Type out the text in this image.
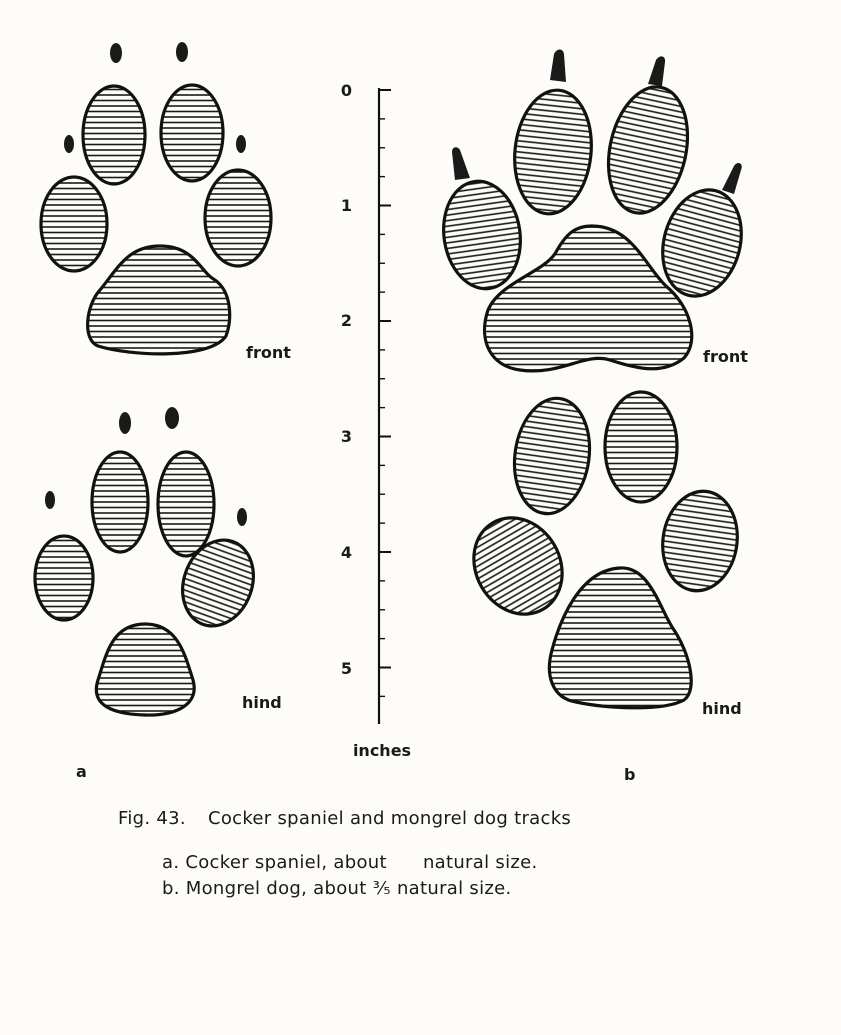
0
1
2
3
4
5
inches
front
hind
a
front
hind
b
Fig. 43. Cocker spaniel and mongrel dog tracks
a. Cocker spaniel, about      natural size.
b. Mongrel dog, about ³⁄₅ natural size.
